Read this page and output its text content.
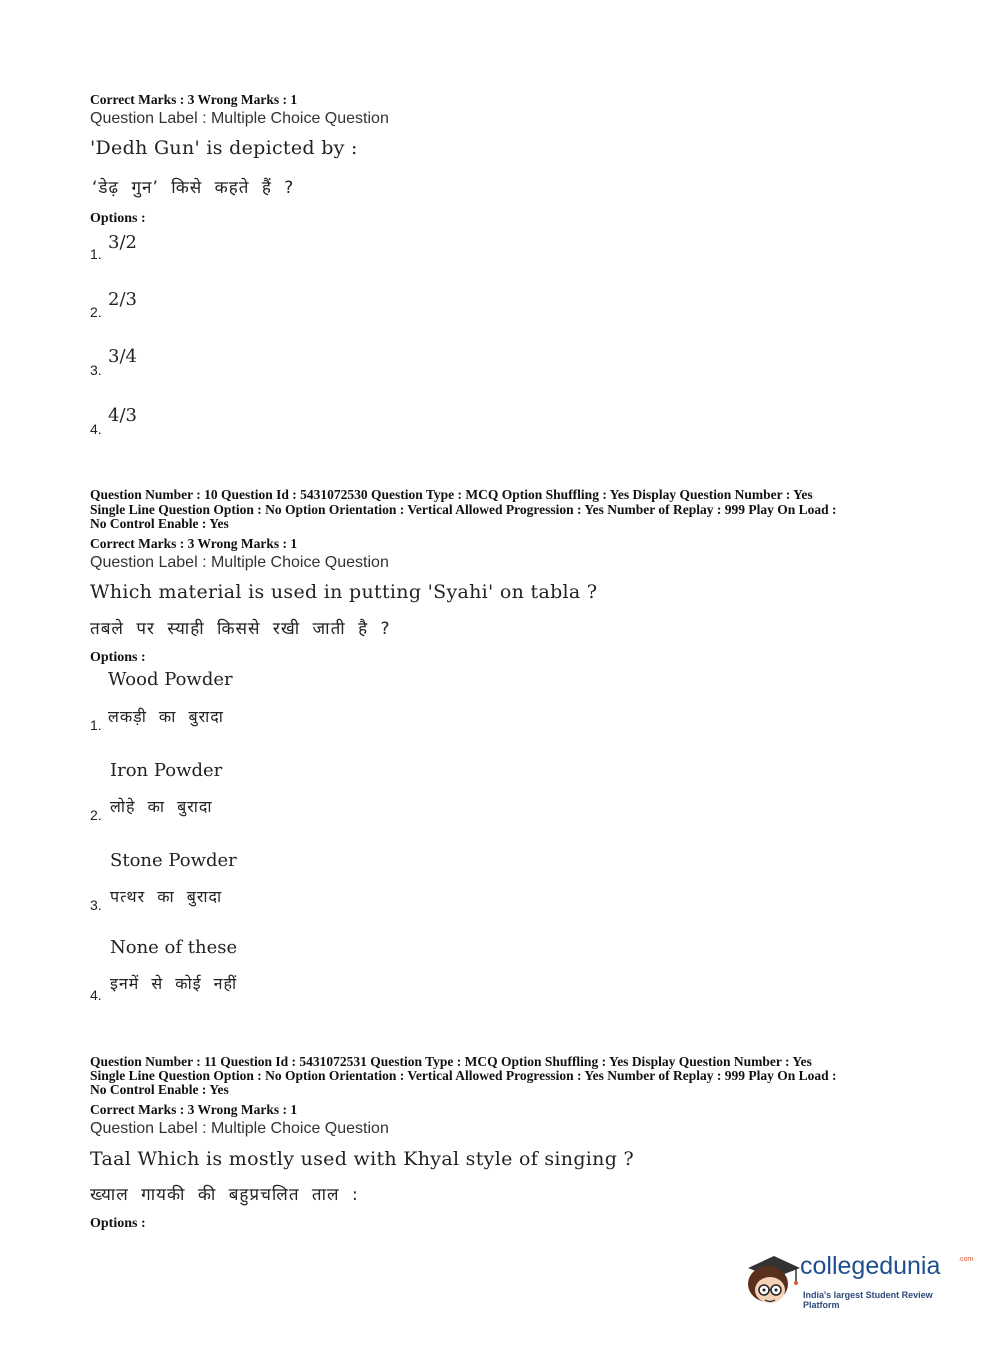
Correct Marks : 3 Wrong Marks : 1
Question Label : Multiple Choice Question
'Dedh Gun' is depicted by :
‘डेढ़ गुन’ किसे कहते हैं ?
Options :
1.
3/2
2.
2/3
3.
3/4
4.
4/3
Question Number : 10 Question Id : 5431072530 Question Type : MCQ Option Shuffling : Yes Display Question Number : Yes
Single Line Question Option : No Option Orientation : Vertical Allowed Progression : Yes Number of Replay : 999 Play On Load :
No Control Enable : Yes
Correct Marks : 3 Wrong Marks : 1
Question Label : Multiple Choice Question
Which material is used in putting 'Syahi' on tabla ?
तबले पर स्याही किससे रखी जाती है ?
Options :
Wood Powder
लकड़ी का बुरादा
1.
Iron Powder
लोहे का बुरादा
2.
Stone Powder
पत्थर का बुरादा
3.
None of these
इनमें से कोई नहीं
4.
Question Number : 11 Question Id : 5431072531 Question Type : MCQ Option Shuffling : Yes Display Question Number : Yes
Single Line Question Option : No Option Orientation : Vertical Allowed Progression : Yes Number of Replay : 999 Play On Load :
No Control Enable : Yes
Correct Marks : 3 Wrong Marks : 1
Question Label : Multiple Choice Question
Taal Which is mostly used with Khyal style of singing ?
ख्याल गायकी की बहुप्रचलित ताल :
Options :
collegedunia	.com
India's largest Student Review Platform
